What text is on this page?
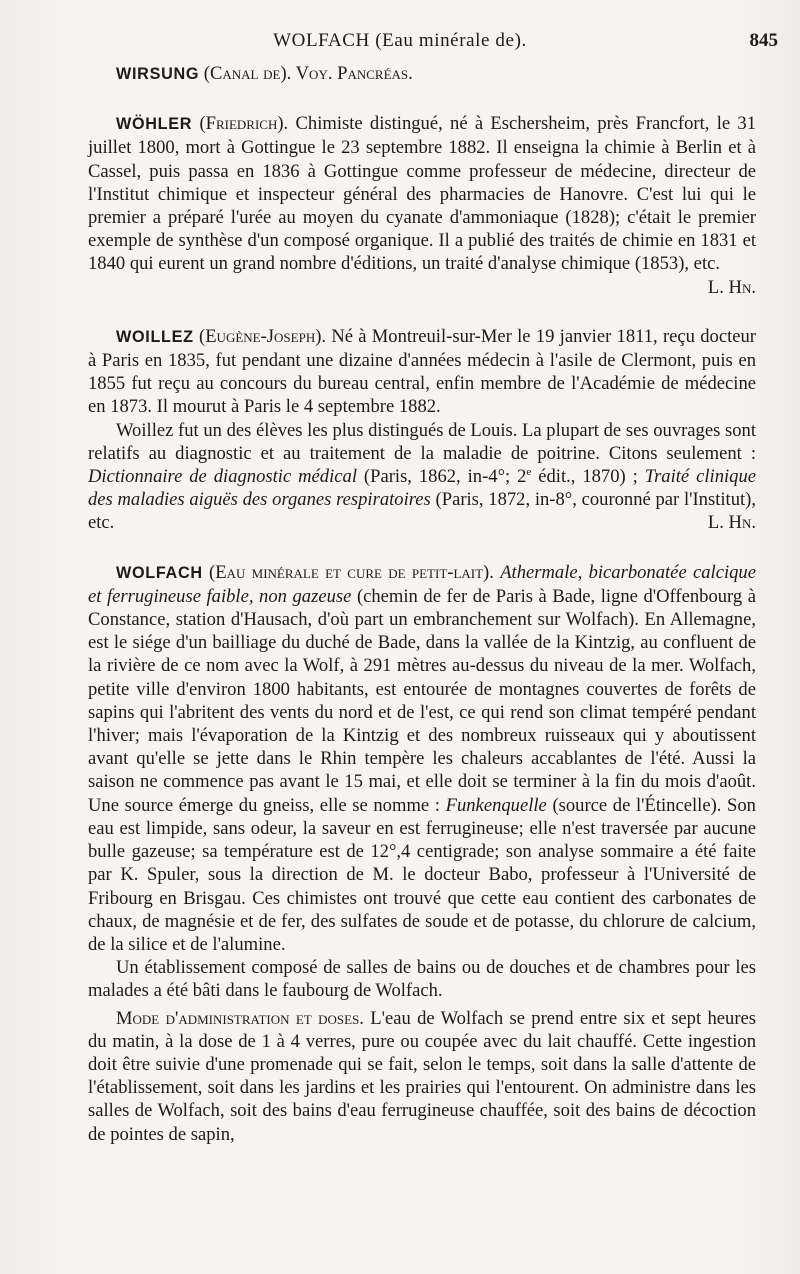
WOLFACH (Eau minérale de).	845

WIRSUNG (Canal de). Voy. Pancréas.

WÖHLER (Friedrich). Chimiste distingué, né à Eschersheim, près Francfort, le 31 juillet 1800, mort à Gottingue le 23 septembre 1882. Il enseigna la chimie à Berlin et à Cassel, puis passa en 1836 à Gottingue comme professeur de médecine, directeur de l'Institut chimique et inspecteur général des pharmacies de Hanovre. C'est lui qui le premier a préparé l'urée au moyen du cyanate d'ammoniaque (1828); c'était le premier exemple de synthèse d'un composé organique. Il a publié des traités de chimie en 1831 et 1840 qui eurent un grand nombre d'éditions, un traité d'analyse chimique (1853), etc.
L. Hn.

WOILLEZ (Eugène-Joseph). Né à Montreuil-sur-Mer le 19 janvier 1811, reçu docteur à Paris en 1835, fut pendant une dizaine d'années médecin à l'asile de Clermont, puis en 1855 fut reçu au concours du bureau central, enfin membre de l'Académie de médecine en 1873. Il mourut à Paris le 4 septembre 1882.

Woillez fut un des élèves les plus distingués de Louis. La plupart de ses ouvrages sont relatifs au diagnostic et au traitement de la maladie de poitrine. Citons seulement : Dictionnaire de diagnostic médical (Paris, 1862, in-4°; 2e édit., 1870) ; Traité clinique des maladies aiguës des organes respiratoires (Paris, 1872, in-8°, couronné par l'Institut), etc.	L. Hn.

WOLFACH (Eau minérale et cure de petit-lait). Athermale, bicarbonatée calcique et ferrugineuse faible, non gazeuse (chemin de fer de Paris à Bade, ligne d'Offenbourg à Constance, station d'Hausach, d'où part un embranchement sur Wolfach). En Allemagne, est le siége d'un bailliage du duché de Bade, dans la vallée de la Kintzig, au confluent de la rivière de ce nom avec la Wolf, à 291 mètres au-dessus du niveau de la mer. Wolfach, petite ville d'environ 1800 habitants, est entourée de montagnes couvertes de forêts de sapins qui l'abritent des vents du nord et de l'est, ce qui rend son climat tempéré pendant l'hiver; mais l'évaporation de la Kintzig et des nombreux ruisseaux qui y aboutissent avant qu'elle se jette dans le Rhin tempère les chaleurs accablantes de l'été. Aussi la saison ne commence pas avant le 15 mai, et elle doit se terminer à la fin du mois d'août. Une source émerge du gneiss, elle se nomme : Funkenquelle (source de l'Étincelle). Son eau est limpide, sans odeur, la saveur en est ferrugineuse; elle n'est traversée par aucune bulle gazeuse; sa température est de 12°,4 centigrade; son analyse sommaire a été faite par K. Spuler, sous la direction de M. le docteur Babo, professeur à l'Université de Fribourg en Brisgau. Ces chimistes ont trouvé que cette eau contient des carbonates de chaux, de magnésie et de fer, des sulfates de soude et de potasse, du chlorure de calcium, de la silice et de l'alumine.

Un établissement composé de salles de bains ou de douches et de chambres pour les malades a été bâti dans le faubourg de Wolfach.

Mode d'administration et doses. L'eau de Wolfach se prend entre six et sept heures du matin, à la dose de 1 à 4 verres, pure ou coupée avec du lait chauffé. Cette ingestion doit être suivie d'une promenade qui se fait, selon le temps, soit dans la salle d'attente de l'établissement, soit dans les jardins et les prairies qui l'entourent. On administre dans les salles de Wolfach, soit des bains d'eau ferrugineuse chauffée, soit des bains de décoction de pointes de sapin,
